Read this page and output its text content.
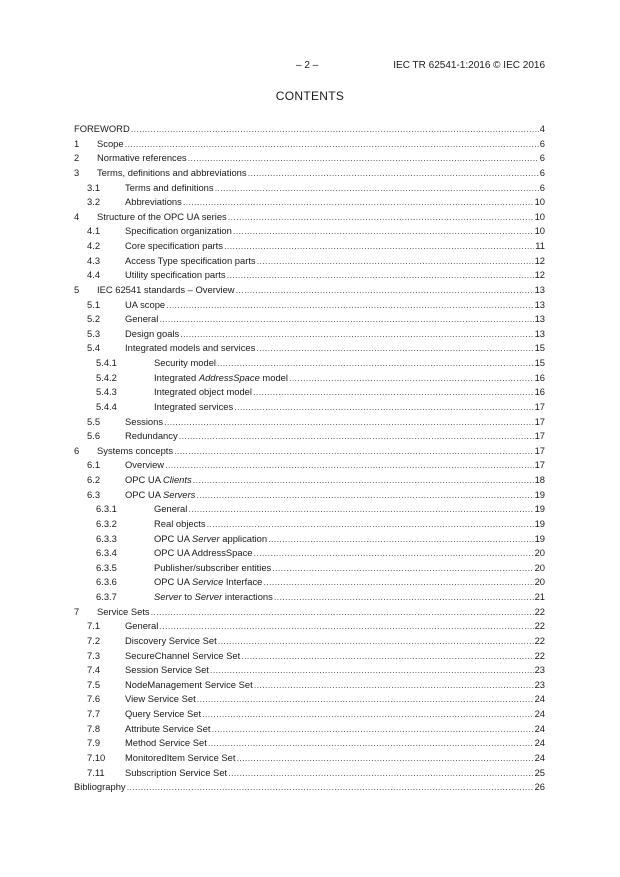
– 2 –	IEC TR 62541-1:2016 © IEC 2016
CONTENTS
FOREWORD .....	4
1	Scope .....	6
2	Normative references .....	6
3	Terms, definitions and abbreviations .....	6
3.1	Terms and definitions .....	6
3.2	Abbreviations .....	10
4	Structure of the OPC UA series .....	10
4.1	Specification organization .....	10
4.2	Core specification parts .....	11
4.3	Access Type specification parts .....	12
4.4	Utility specification parts .....	12
5	IEC 62541 standards – Overview .....	13
5.1	UA scope .....	13
5.2	General .....	13
5.3	Design goals .....	13
5.4	Integrated models and services .....	15
5.4.1	Security model .....	15
5.4.2	Integrated AddressSpace model .....	16
5.4.3	Integrated object model .....	16
5.4.4	Integrated services .....	17
5.5	Sessions .....	17
5.6	Redundancy .....	17
6	Systems concepts .....	17
6.1	Overview .....	17
6.2	OPC UA Clients .....	18
6.3	OPC UA Servers .....	19
6.3.1	General .....	19
6.3.2	Real objects .....	19
6.3.3	OPC UA Server application .....	19
6.3.4	OPC UA AddressSpace .....	20
6.3.5	Publisher/subscriber entities .....	20
6.3.6	OPC UA Service Interface .....	20
6.3.7	Server to Server interactions .....	21
7	Service Sets .....	22
7.1	General .....	22
7.2	Discovery Service Set .....	22
7.3	SecureChannel Service Set .....	22
7.4	Session Service Set .....	23
7.5	NodeManagement Service Set .....	23
7.6	View Service Set .....	24
7.7	Query Service Set .....	24
7.8	Attribute Service Set .....	24
7.9	Method Service Set .....	24
7.10	MonitoredItem Service Set .....	24
7.11	Subscription Service Set .....	25
Bibliography .....	26
